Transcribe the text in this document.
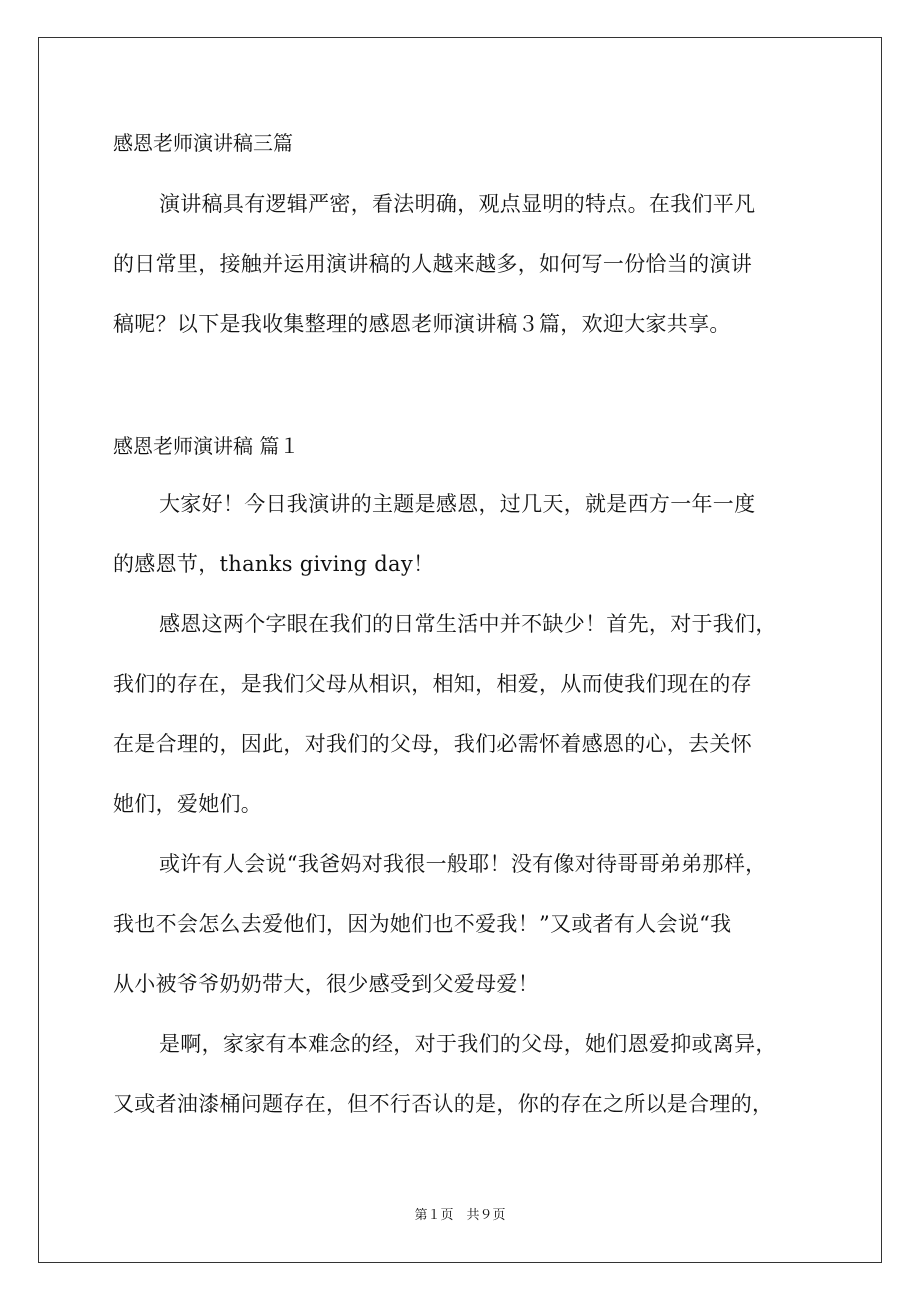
感恩老师演讲稿三篇
演讲稿具有逻辑严密，看法明确，观点显明的特点。在我们平凡
的日常里，接触并运用演讲稿的人越来越多，如何写一份恰当的演讲
稿呢？以下是我收集整理的感恩老师演讲稿３篇，欢迎大家共享。
感恩老师演讲稿 篇１
大家好！今日我演讲的主题是感恩，过几天，就是西方一年一度
的感恩节，thanks giving day！
感恩这两个字眼在我们的日常生活中并不缺少！首先，对于我们，
我们的存在，是我们父母从相识，相知，相爱，从而使我们现在的存
在是合理的，因此，对我们的父母，我们必需怀着感恩的心，去关怀
她们，爱她们。
或许有人会说“我爸妈对我很一般耶！没有像对待哥哥弟弟那样，
我也不会怎么去爱他们，因为她们也不爱我！”又或者有人会说“我
从小被爷爷奶奶带大，很少感受到父爱母爱！
是啊，家家有本难念的经，对于我们的父母，她们恩爱抑或离异，
又或者油漆桶问题存在，但不行否认的是，你的存在之所以是合理的，
第１页　共９页
